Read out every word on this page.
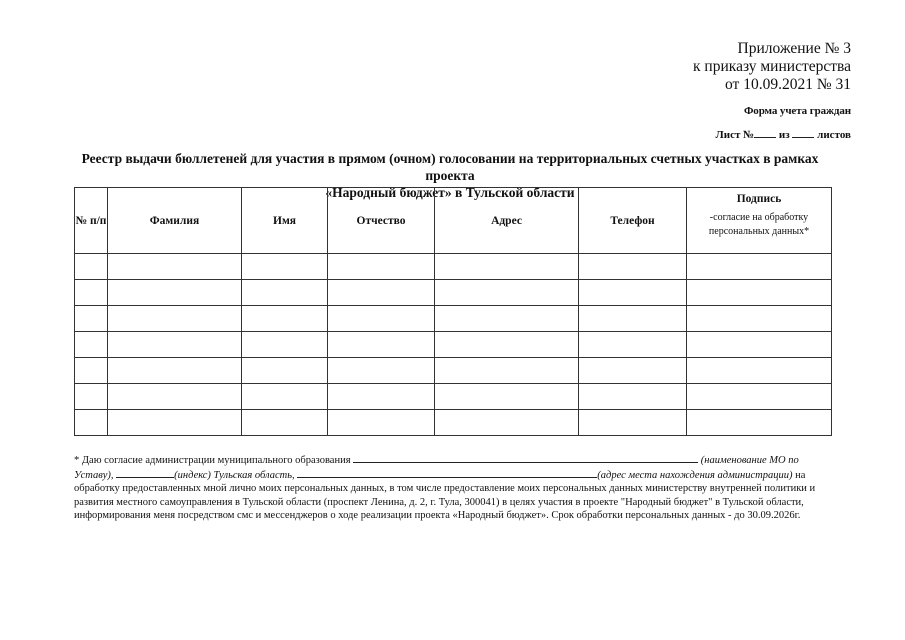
Приложение № 3
к приказу министерства
от 10.09.2021 № 31
Форма учета граждан
Лист № из	листов
Реестр выдачи бюллетеней для участия в прямом (очном) голосовании на территориальных счетных участках в рамках проекта
«Народный бюджет» в Тульской области
№ п/п	Фамилия	Имя	Отчество	Адрес	Телефон	Подпись
-согласие на обработку персональных данных*

* Даю согласие администрации муниципального образования	(наименование МО по Уставу),	(индекс) Тульская область,	(адрес места нахождения администрации) на обработку предоставленных мной лично моих персональных данных, в том числе предоставление моих персональных данных министерству внутренней политики и развития местного самоуправления в Тульской области (проспект Ленина, д. 2, г. Тула, 300041) в целях участия в проекте "Народный бюджет" в Тульской области, информирования меня посредством смс и мессенджеров о ходе реализации проекта «Народный бюджет». Срок обработки персональных данных - до 30.09.2026г.
